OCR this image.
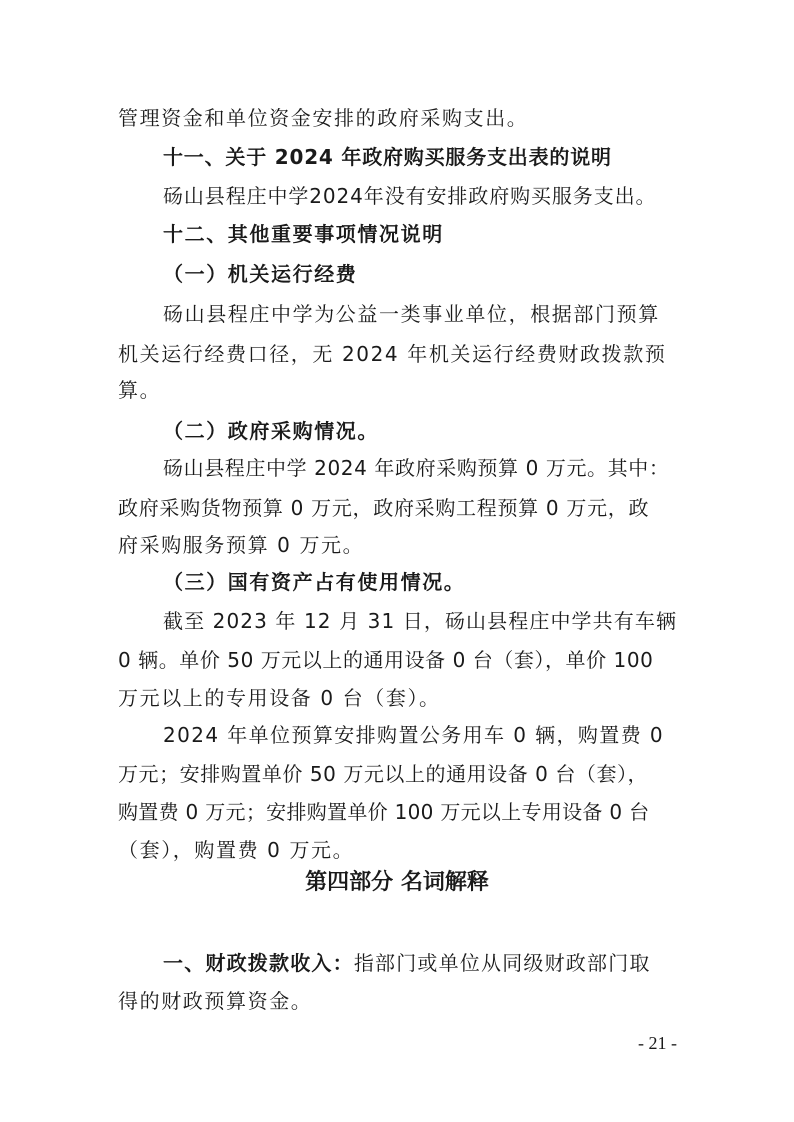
管理资金和单位资金安排的政府采购支出。
十一、关于 2024 年政府购买服务支出表的说明
砀山县程庄中学2024年没有安排政府购买服务支出。
十二、其他重要事项情况说明
（一）机关运行经费
砀山县程庄中学为公益一类事业单位，根据部门预算
机关运行经费口径，无 2024 年机关运行经费财政拨款预
算。
（二）政府采购情况。
砀山县程庄中学 2024 年政府采购预算 0 万元。其中：
政府采购货物预算 0 万元，政府采购工程预算 0 万元，政
府采购服务预算 0 万元。
（三）国有资产占有使用情况。
截至 2023 年 12 月 31 日，砀山县程庄中学共有车辆
0 辆。单价 50 万元以上的通用设备 0 台（套），单价 100
万元以上的专用设备 0 台（套）。
2024 年单位预算安排购置公务用车 0 辆，购置费 0
万元；安排购置单价 50 万元以上的通用设备 0 台（套），
购置费 0 万元；安排购置单价 100 万元以上专用设备 0 台
（套），购置费 0 万元。
第四部分 名词解释
一、财政拨款收入：指部门或单位从同级财政部门取
得的财政预算资金。
- 21 -
